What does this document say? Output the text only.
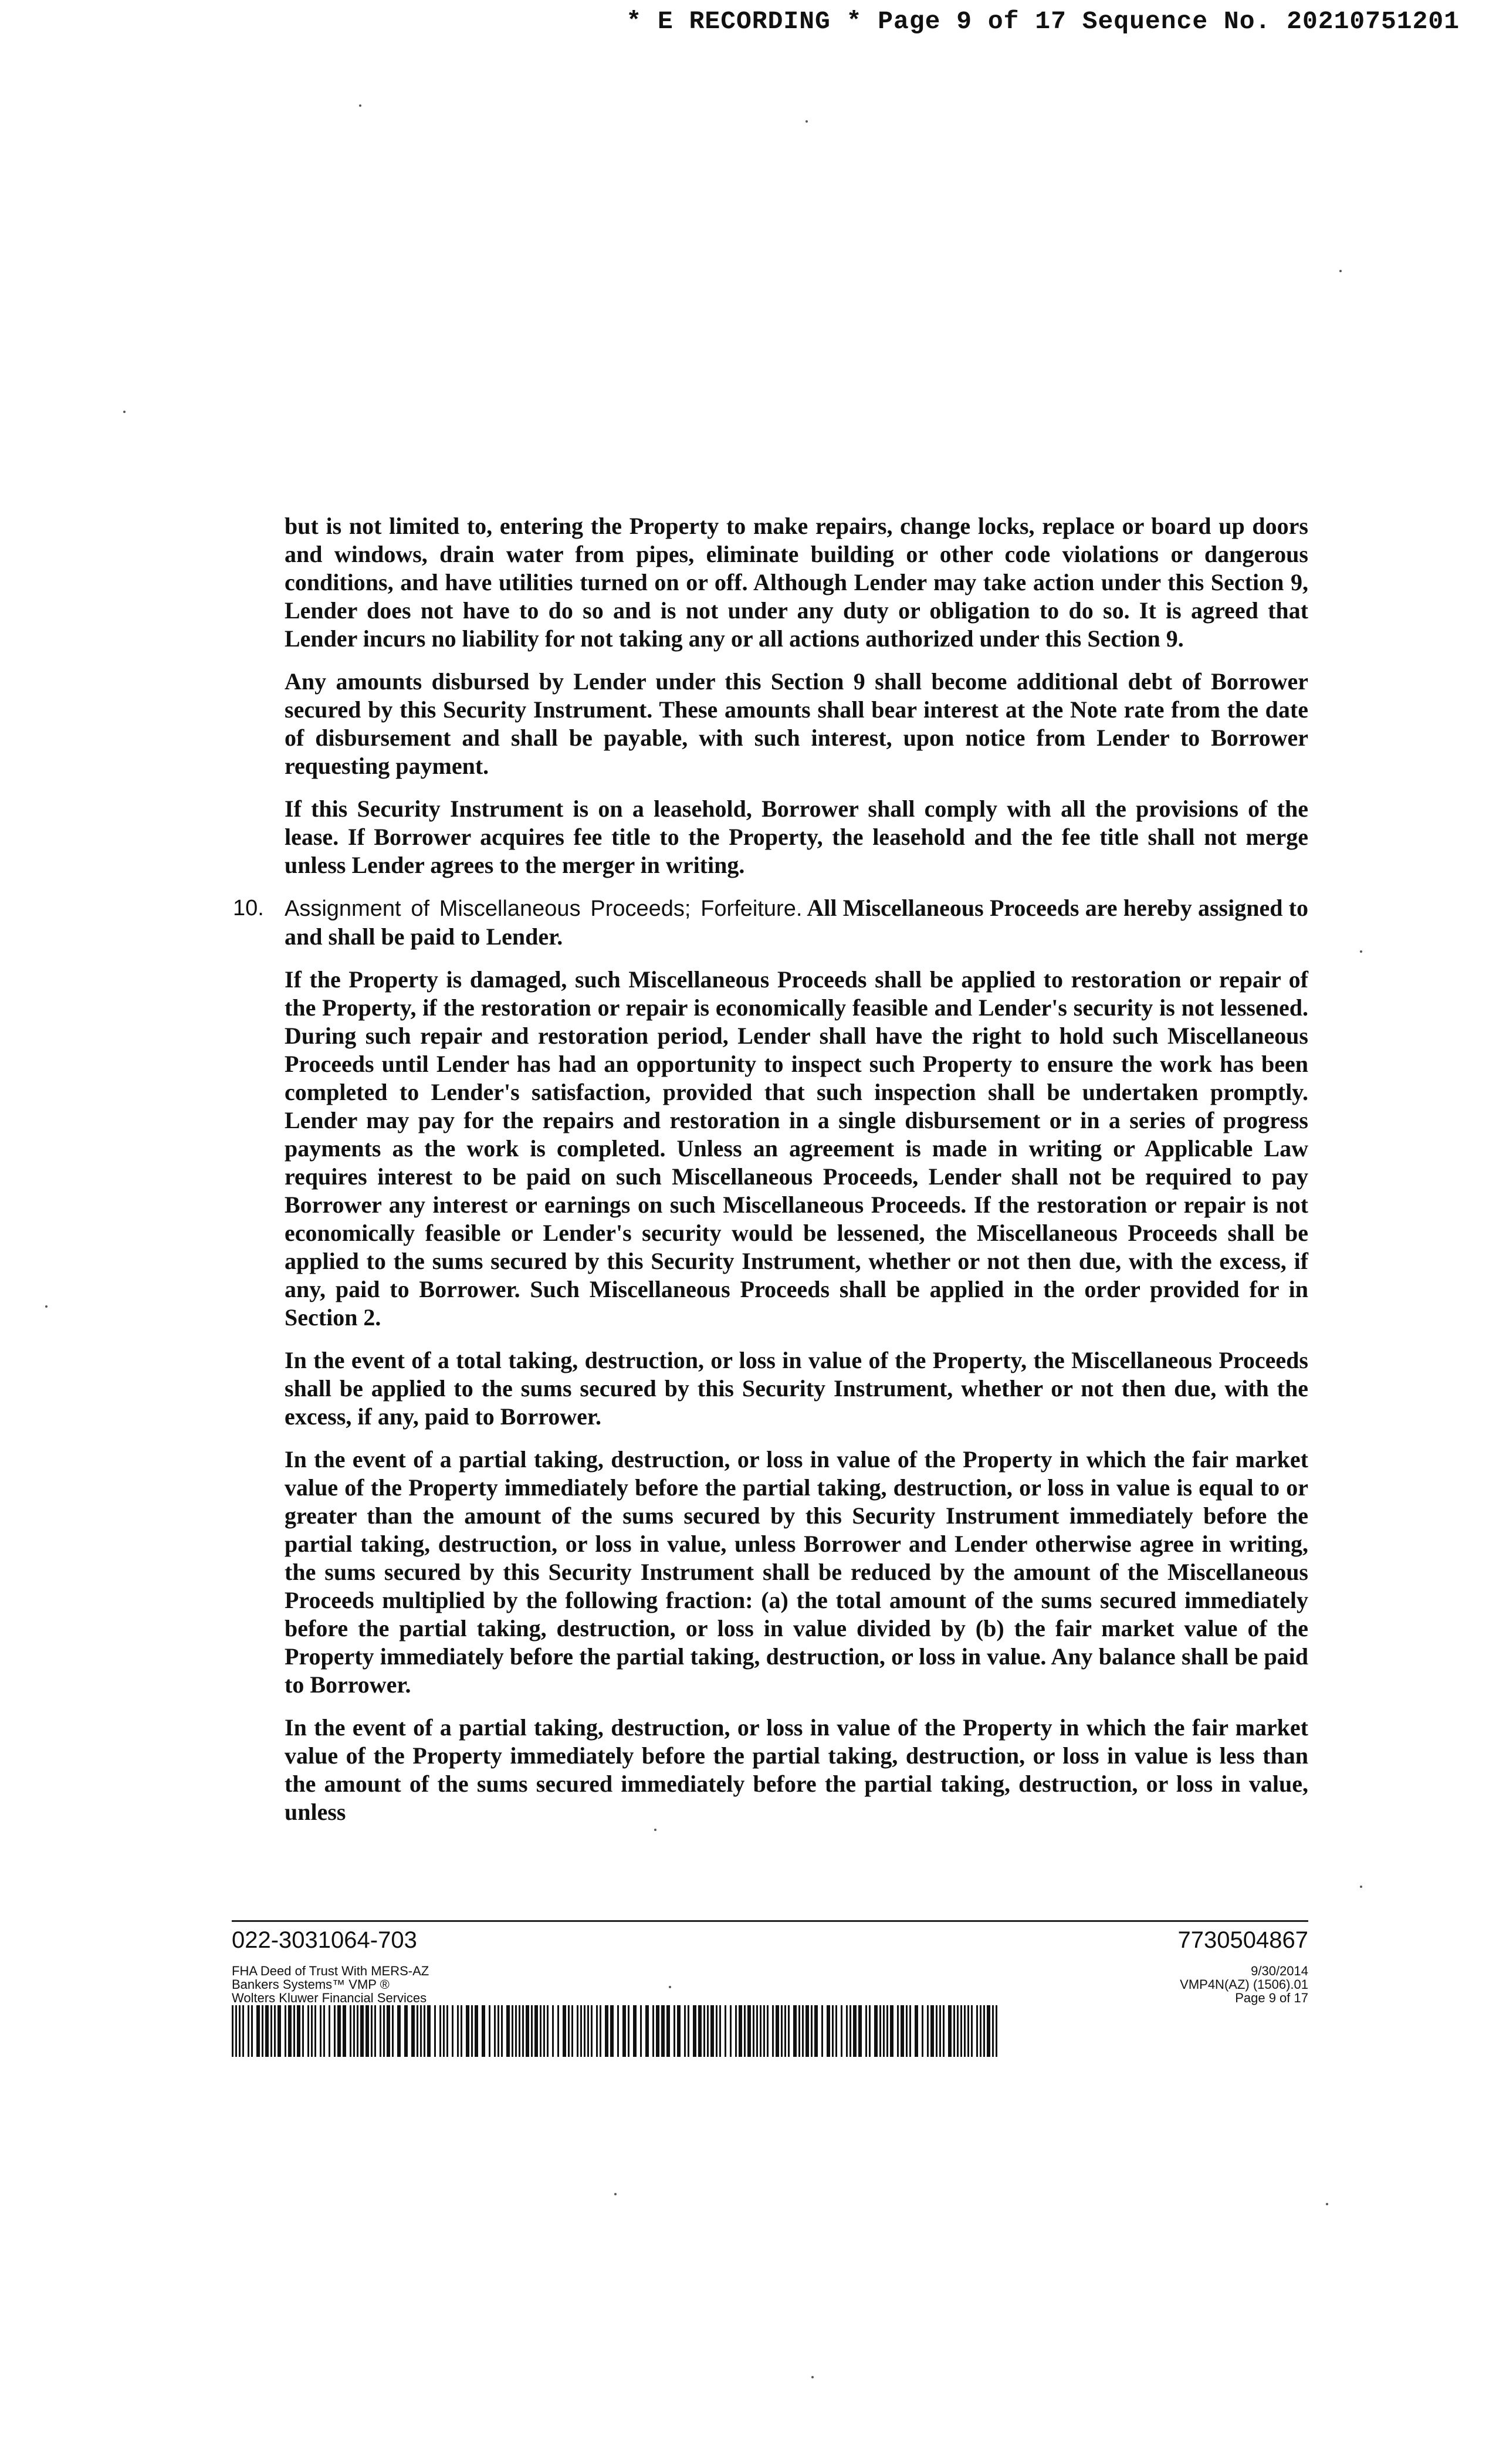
* E RECORDING * Page 9 of 17 Sequence No. 20210751201

but is not limited to, entering the Property to make repairs, change locks, replace or board up doors and windows, drain water from pipes, eliminate building or other code violations or dangerous conditions, and have utilities turned on or off. Although Lender may take action under this Section 9, Lender does not have to do so and is not under any duty or obligation to do so. It is agreed that Lender incurs no liability for not taking any or all actions authorized under this Section 9.

Any amounts disbursed by Lender under this Section 9 shall become additional debt of Borrower secured by this Security Instrument. These amounts shall bear interest at the Note rate from the date of disbursement and shall be payable, with such interest, upon notice from Lender to Borrower requesting payment.

If this Security Instrument is on a leasehold, Borrower shall comply with all the provisions of the lease. If Borrower acquires fee title to the Property, the leasehold and the fee title shall not merge unless Lender agrees to the merger in writing.

10. Assignment of Miscellaneous Proceeds; Forfeiture. All Miscellaneous Proceeds are hereby assigned to and shall be paid to Lender.

If the Property is damaged, such Miscellaneous Proceeds shall be applied to restoration or repair of the Property, if the restoration or repair is economically feasible and Lender's security is not lessened. During such repair and restoration period, Lender shall have the right to hold such Miscellaneous Proceeds until Lender has had an opportunity to inspect such Property to ensure the work has been completed to Lender's satisfaction, provided that such inspection shall be undertaken promptly. Lender may pay for the repairs and restoration in a single disbursement or in a series of progress payments as the work is completed. Unless an agreement is made in writing or Applicable Law requires interest to be paid on such Miscellaneous Proceeds, Lender shall not be required to pay Borrower any interest or earnings on such Miscellaneous Proceeds. If the restoration or repair is not economically feasible or Lender's security would be lessened, the Miscellaneous Proceeds shall be applied to the sums secured by this Security Instrument, whether or not then due, with the excess, if any, paid to Borrower. Such Miscellaneous Proceeds shall be applied in the order provided for in Section 2.

In the event of a total taking, destruction, or loss in value of the Property, the Miscellaneous Proceeds shall be applied to the sums secured by this Security Instrument, whether or not then due, with the excess, if any, paid to Borrower.

In the event of a partial taking, destruction, or loss in value of the Property in which the fair market value of the Property immediately before the partial taking, destruction, or loss in value is equal to or greater than the amount of the sums secured by this Security Instrument immediately before the partial taking, destruction, or loss in value, unless Borrower and Lender otherwise agree in writing, the sums secured by this Security Instrument shall be reduced by the amount of the Miscellaneous Proceeds multiplied by the following fraction: (a) the total amount of the sums secured immediately before the partial taking, destruction, or loss in value divided by (b) the fair market value of the Property immediately before the partial taking, destruction, or loss in value. Any balance shall be paid to Borrower.

In the event of a partial taking, destruction, or loss in value of the Property in which the fair market value of the Property immediately before the partial taking, destruction, or loss in value is less than the amount of the sums secured immediately before the partial taking, destruction, or loss in value, unless

022-3031064-703	7730504867
FHA Deed of Trust With MERS-AZ
Bankers Systems™ VMP ®
Wolters Kluwer Financial Services
9/30/2014
VMP4N(AZ) (1506).01
Page 9 of 17
